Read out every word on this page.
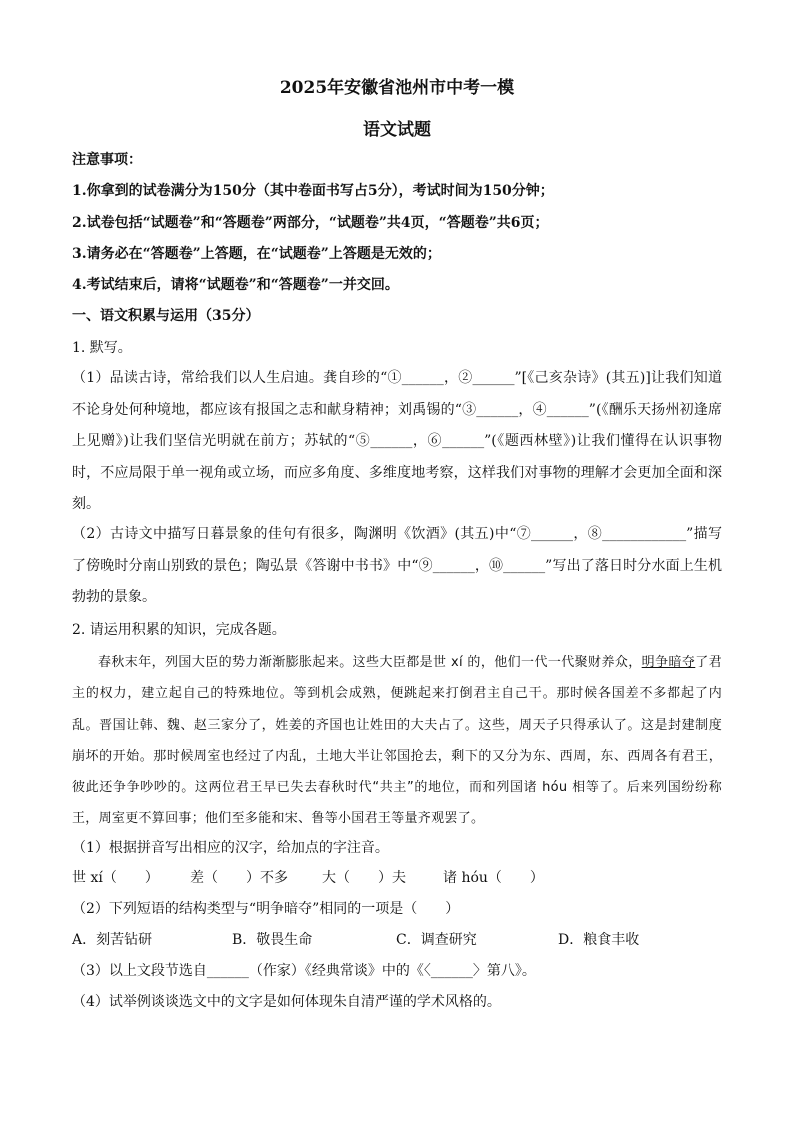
2025年安徽省池州市中考一模
语文试题
注意事项：
1.你拿到的试卷满分为150分（其中卷面书写占5分），考试时间为150分钟；
2.试卷包括“试题卷”和“答题卷”两部分，“试题卷”共4页，“答题卷”共6页；
3.请务必在“答题卷”上答题，在“试题卷”上答题是无效的；
4.考试结束后，请将“试题卷”和“答题卷”一并交回。
一、语文积累与运用（35分）
1. 默写。
（1）品读古诗，常给我们以人生启迪。龚自珍的“①______，②______”[《己亥杂诗》(其五)]让我们知道不论身处何种境地，都应该有报国之志和献身精神；刘禹锡的“③______，④______”(《酬乐天扬州初逢席上见赠》)让我们坚信光明就在前方；苏轼的“⑤______，⑥______”(《题西林壁》)让我们懂得在认识事物时，不应局限于单一视角或立场，而应多角度、多维度地考察，这样我们对事物的理解才会更加全面和深刻。
（2）古诗文中描写日暮景象的佳句有很多，陶渊明《饮酒》(其五)中“⑦______，⑧____________”描写了傍晚时分南山别致的景色；陶弘景《答谢中书书》中“⑨______，⑩______”写出了落日时分水面上生机勃勃的景象。
2. 请运用积累的知识，完成各题。
春秋末年，列国大臣的势力渐渐膨胀起来。这些大臣都是世 xí 的，他们一代一代聚财养众，明争暗夺了君主的权力，建立起自己的特殊地位。等到机会成熟，便跳起来打倒君主自己干。那时候各国差不多都起了内乱。晋国让韩、魏、赵三家分了，姓姜的齐国也让姓田的大夫占了。这些，周天子只得承认了。这是封建制度崩坏的开始。那时候周室也经过了内乱，土地大半让邻国抢去，剩下的又分为东、西周，东、西周各有君王，彼此还争争吵吵的。这两位君王早已失去春秋时代“共主”的地位，而和列国诸 hóu 相等了。后来列国纷纷称王，周室更不算回事；他们至多能和宋、鲁等小国君王等量齐观罢了。
（1）根据拼音写出相应的汉字，给加点的字注音。
世 xí（　　） 差（　　）不多 大（　　）夫	诸 hóu（　　）
（2）下列短语的结构类型与“明争暗夺”相同的一项是（　　）
A．刻苦钻研	B．敬畏生命	C．调查研究	D．粮食丰收
（3）以上文段节选自______（作家）《经典常谈》中的《〈______〉第八》。
（4）试举例谈谈选文中的文字是如何体现朱自清严谨的学术风格的。
